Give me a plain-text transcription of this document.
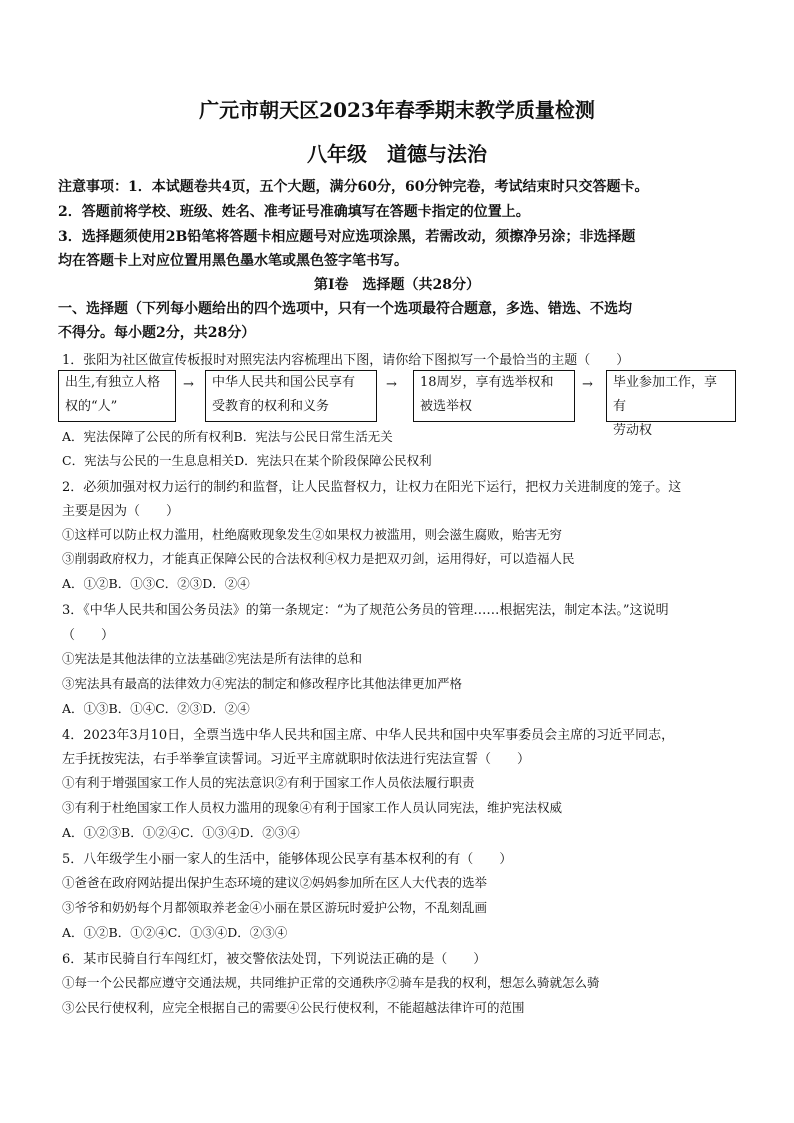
广元市朝天区2023年春季期末教学质量检测
八年级　道德与法治
注意事项：1．本试题卷共4页，五个大题，满分60分，60分钟完卷，考试结束时只交答题卡。
2．答题前将学校、班级、姓名、准考证号准确填写在答题卡指定的位置上。
3．选择题须使用2B铅笔将答题卡相应题号对应选项涂黑，若需改动，须擦净另涂；非选择题
均在答题卡上对应位置用黑色墨水笔或黑色签字笔书写。
第Ⅰ卷　选择题（共28分）
一、选择题（下列每小题给出的四个选项中，只有一个选项最符合题意，多选、错选、不选均
不得分。每小题2分，共28分）
1．张阳为社区做宣传板报时对照宪法内容梳理出下图，请你给下图拟写一个最恰当的主题（　　）
出生,有独立人格
权的“人”
→ 中华人民共和国公民享有
受教育的权利和义务
→ 18周岁，享有选举权和
被选举权
→ 毕业参加工作，享有
劳动权
A．宪法保障了公民的所有权利B．宪法与公民日常生活无关
C．宪法与公民的一生息息相关D．宪法只在某个阶段保障公民权利
2．必须加强对权力运行的制约和监督，让人民监督权力，让权力在阳光下运行，把权力关进制度的笼子。这
主要是因为（　　）
①这样可以防止权力滥用，杜绝腐败现象发生②如果权力被滥用，则会滋生腐败，贻害无穷
③削弱政府权力，才能真正保障公民的合法权利④权力是把双刃剑，运用得好，可以造福人民
A．①②B．①③C．②③D．②④
3．《中华人民共和国公务员法》的第一条规定：“为了规范公务员的管理……根据宪法，制定本法。”这说明
（　　）
①宪法是其他法律的立法基础②宪法是所有法律的总和
③宪法具有最高的法律效力④宪法的制定和修改程序比其他法律更加严格
A．①③B．①④C．②③D．②④
4．2023年3月10日，全票当选中华人民共和国主席、中华人民共和国中央军事委员会主席的习近平同志，
左手抚按宪法，右手举拳宣读誓词。习近平主席就职时依法进行宪法宣誓（　　）
①有利于增强国家工作人员的宪法意识②有利于国家工作人员依法履行职责
③有利于杜绝国家工作人员权力滥用的现象④有利于国家工作人员认同宪法，维护宪法权威
A．①②③B．①②④C．①③④D．②③④
5．八年级学生小丽一家人的生活中，能够体现公民享有基本权利的有（　　）
①爸爸在政府网站提出保护生态环境的建议②妈妈参加所在区人大代表的选举
③爷爷和奶奶每个月都领取养老金④小丽在景区游玩时爱护公物，不乱刻乱画
A．①②B．①②④C．①③④D．②③④
6．某市民骑自行车闯红灯，被交警依法处罚，下列说法正确的是（　　）
①每一个公民都应遵守交通法规，共同维护正常的交通秩序②骑车是我的权利，想怎么骑就怎么骑
③公民行使权利，应完全根据自己的需要④公民行使权利，不能超越法律许可的范围
